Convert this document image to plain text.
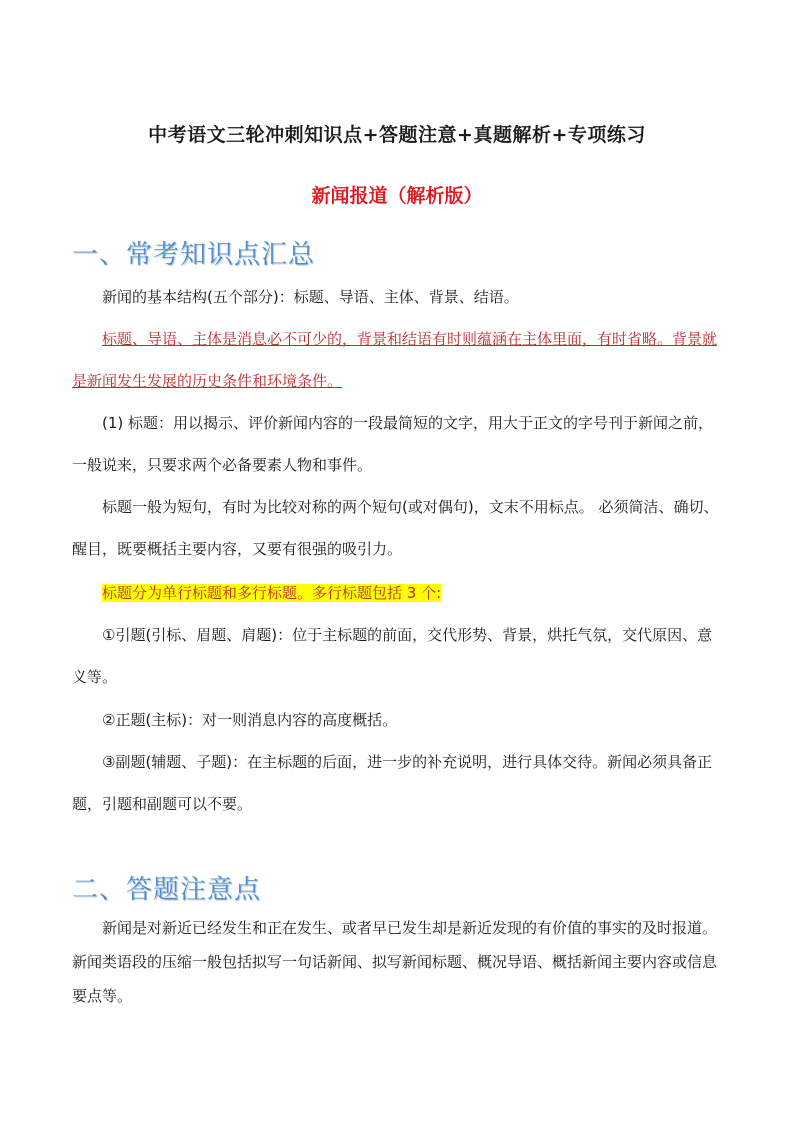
中考语文三轮冲刺知识点+答题注意+真题解析+专项练习
新闻报道（解析版）
一、常考知识点汇总
新闻的基本结构(五个部分)：标题、导语、主体、背景、结语。
标题、导语、主体是消息必不可少的，背景和结语有时则蕴涵在主体里面，有时省略。背景就是新闻发生发展的历史条件和环境条件。
(1) 标题：用以揭示、评价新闻内容的一段最简短的文字，用大于正文的字号刊于新闻之前，一般说来，只要求两个必备要素人物和事件。
标题一般为短句，有时为比较对称的两个短句(或对偶句)，文末不用标点。 必须简洁、确切、醒目，既要概括主要内容，又要有很强的吸引力。
标题分为单行标题和多行标题。多行标题包括 3 个:
①引题(引标、眉题、肩题)：位于主标题的前面，交代形势、背景，烘托气氛，交代原因、意义等。
②正题(主标)：对一则消息内容的高度概括。
③副题(辅题、子题)：在主标题的后面，进一步的补充说明，进行具体交待。新闻必须具备正题，引题和副题可以不要。
二、答题注意点
新闻是对新近已经发生和正在发生、或者早已发生却是新近发现的有价值的事实的及时报道。新闻类语段的压缩一般包括拟写一句话新闻、拟写新闻标题、概况导语、概括新闻主要内容或信息要点等。
